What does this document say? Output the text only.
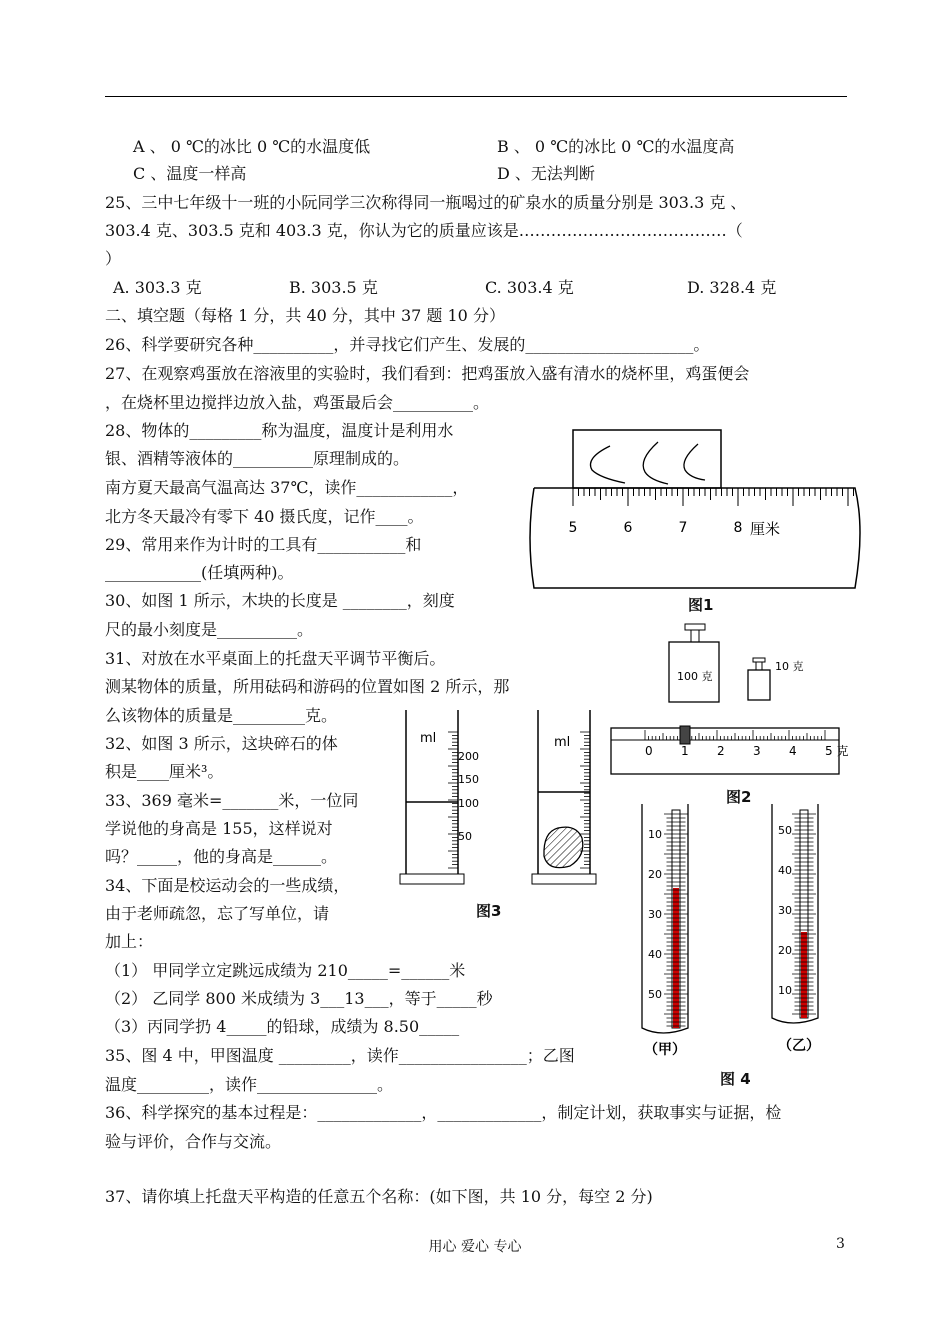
A 、 0 ℃的冰比 0 ℃的水温度低	B 、 0 ℃的冰比 0 ℃的水温度高
C 、温度一样高	D 、无法判断
25、三中七年级十一班的小阮同学三次称得同一瓶喝过的矿泉水的质量分别是 303.3 克 、
303.4 克、303.5 克和 403.3 克，你认为它的质量应该是…………………………………（
）
A. 303.3 克	B. 303.5 克	C. 303.4 克	D. 328.4 克
二、填空题（每格 1 分，共 40 分，其中 37 题 10 分）
26、科学要研究各种__________，并寻找它们产生、发展的_____________________。
27、在观察鸡蛋放在溶液里的实验时，我们看到：把鸡蛋放入盛有清水的烧杯里，鸡蛋便会
，在烧杯里边搅拌边放入盐，鸡蛋最后会__________。
28、物体的_________称为温度，温度计是利用水
银、酒精等液体的__________原理制成的。
南方夏天最高气温高达 37℃，读作____________，
北方冬天最冷有零下 40 摄氏度，记作____。
29、常用来作为计时的工具有___________和
____________(任填两种)。
30、如图 1 所示，木块的长度是 ________，刻度
尺的最小刻度是__________。
31、对放在水平桌面上的托盘天平调节平衡后。
测某物体的质量，所用砝码和游码的位置如图 2 所示，那
么该物体的质量是_________克。
32、如图 3 所示，这块碎石的体
积是____厘米³。
33、369 毫米=_______米，一位同
学说他的身高是 155，这样说对
吗？_____，他的身高是______。
34、下面是校运动会的一些成绩，
由于老师疏忽，忘了写单位，请
加上：
（1） 甲同学立定跳远成绩为 210_____=______米
（2） 乙同学 800 米成绩为 3___13___，等于_____秒
（3）丙同学扔 4_____的铅球，成绩为 8.50_____
35、图 4 中，甲图温度 _________，读作________________；乙图
温度_________，读作_______________。
36、科学探究的基本过程是：_____________，_____________，制定计划，获取事实与证据，检
验与评价，合作与交流。
37、请你填上托盘天平构造的任意五个名称：(如下图，共 10 分，每空 2 分)
5	6	7	8 厘米
图1
100 克
10 克
0 1 2 3 4 5 克
图2
ml
200
150
100
50
ml
图3
10
20
30
40
50
50
40
30
20
10
（甲）	（乙）
图 4
用心 爱心 专心	3
